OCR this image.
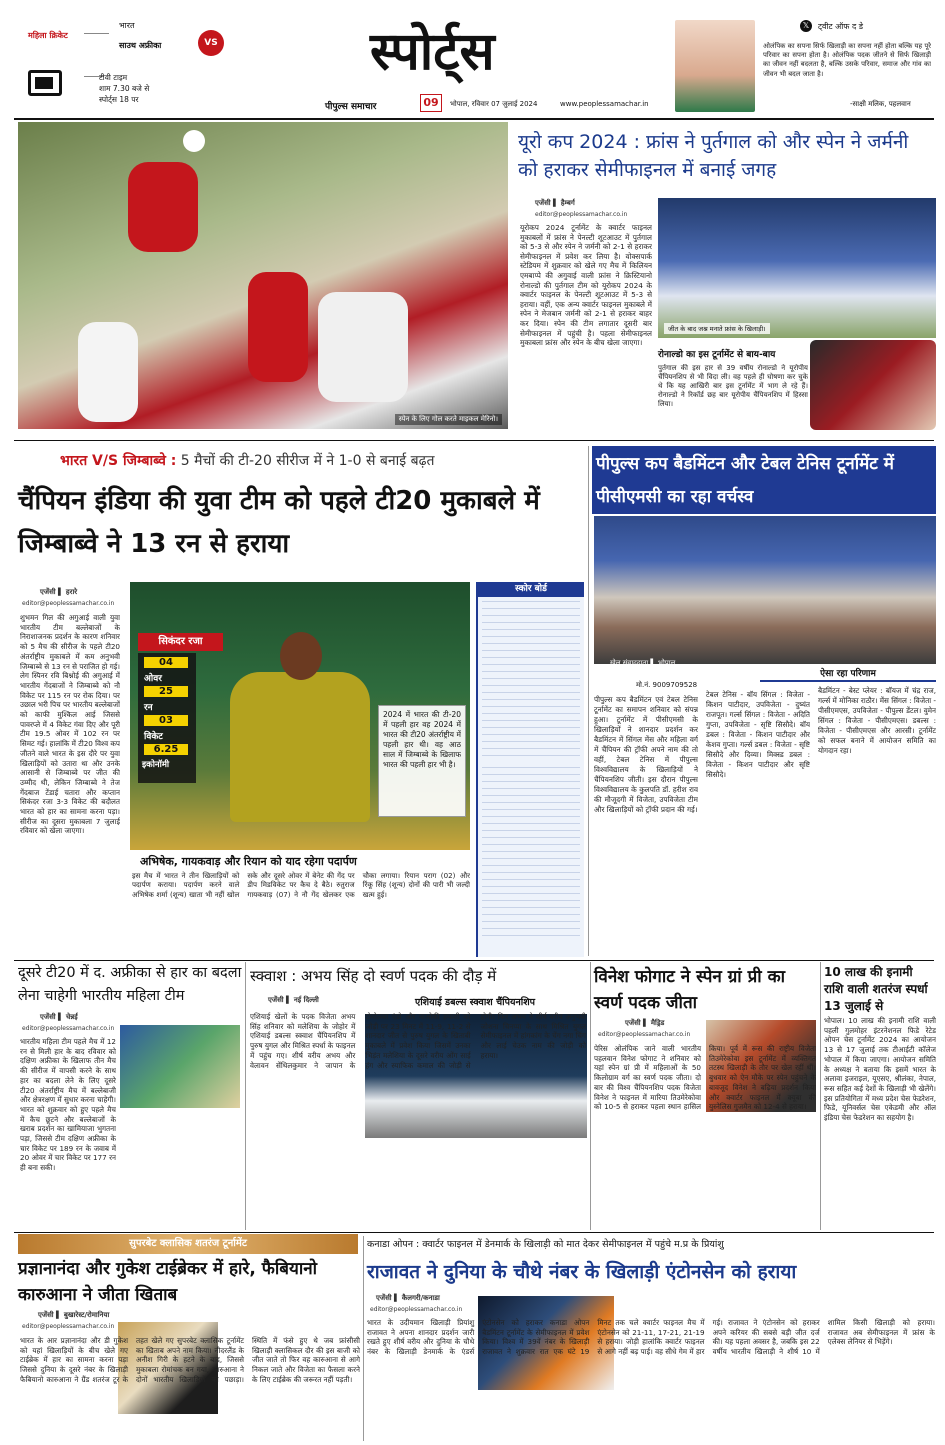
महिला क्रिकेट
भारत
साउथ अफ्रीका	VS
टीवी टाइम
शाम 7.30 बजे से
स्पोर्ट्स 18 पर
स्पोर्ट्स
पीपुल्स समाचार	09	भोपाल, रविवार 07 जुलाई 2024	www.peoplessamachar.in
𝕏	ट्वीट ऑफ द डे
ओलंपिक का सपना सिर्फ खिलाड़ी का सपना नहीं होता बल्कि यह पूरे परिवार का सपना होता है। ओलंपिक पदक जीतने से सिर्फ खिलाड़ी का जीवन नहीं बदलता है, बल्कि उसके परिवार, समाज और गांव का जीवन भी बदल जाता है।
-साक्षी मलिक, पहलवान
स्पेन के लिए गोल करते माइकल मेरिनो।
यूरो कप 2024 : फ्रांस ने पुर्तगाल को और स्पेन ने जर्मनी को हराकर सेमीफाइनल में बनाई जगह
एजेंसी ▌ हैम्बर्ग
editor@peoplessamachar.co.in
यूरोकप 2024 टूर्नामेंट के क्वार्टर फाइनल मुकाबलों में फ्रांस ने पेनल्टी शूटआउट में पुर्तगाल को 5-3 से और स्पेन ने जर्मनी को 2-1 से हराकर सेमीफाइनल में प्रवेश कर लिया है। वोक्सपार्क स्टेडियम में शुक्रवार को खेले गए मैच में किलियन एमबाप्पे की अगुवाई वाली फ्रांस ने क्रिस्टियानो रोनाल्डो की पुर्तगाल टीम को यूरोकप 2024 के क्वार्टर फाइनल के पेनल्टी शूटआउट में 5-3 से हराया। वहीं, एक अन्य क्वार्टर फाइनल मुकाबले में स्पेन ने मेजबान जर्मनी को 2-1 से हराकर बाहर कर दिया। स्पेन की टीम लगातार दूसरी बार सेमीफाइनल में पहुंची है। पहला सेमीफाइनल मुकाबला फ्रांस और स्पेन के बीच खेला जाएगा।
जीत के बाद जश्न मनाते फ्रांस के खिलाड़ी।
रोनाल्डो का इस टूर्नामेंट से बाय-बाय
पुर्तगाल की इस हार से 39 वर्षीय रोनाल्डो ने यूरोपीय चैंपियनशिप से भी विदा ली। वह पहले ही घोषणा कर चुके थे कि यह आखिरी बार इस टूर्नामेंट में भाग ले रहे हैं। रोनाल्डो ने रिकॉर्ड छह बार यूरोपीय चैंपियनशिप में हिस्सा लिया।
भारत V/S जिम्बाब्वे : 5 मैचों की टी-20 सीरीज में ने 1-0 से बनाई बढ़त
चैंपियन इंडिया की युवा टीम को पहले टी20 मुकाबले में जिम्बाब्वे ने 13 रन से हराया
एजेंसी ▌ हरारे
editor@peoplessamachar.co.in
शुभमन गिल की अगुआई वाली युवा भारतीय टीम बल्लेबाजों के निराशाजनक प्रदर्शन के कारण शनिवार को 5 मैच की सीरीज के पहले टी20 अंतर्राष्ट्रीय मुकाबले में कम अनुभवी जिम्बाब्वे से 13 रन से पराजित हो गई। लेग स्पिनर रवि बिश्नोई की अगुआई में भारतीय गेंदबाजों ने जिम्बाब्वे को नौ विकेट पर 115 रन पर रोक दिया। पर उछाल भरी पिच पर भारतीय बल्लेबाजों को काफी मुश्किल आई जिससे पावरप्ले में 4 विकेट गंवा दिए और पूरी टीम 19.5 ओवर में 102 रन पर सिमट गई। हालांकि में टी20 विश्व कप जीतने वाले भारत के इस दौरे पर युवा खिलाड़ियों को उतारा था और उनके आसानी से जिम्बाब्वे पर जीत की उम्मीद थी, लेकिन जिम्बाब्वे ने तेज गेंदबाज टेंडाई चतारा और कप्तान सिकंदर रजा 3-3 विकेट की बदौलत भारत को हार का सामना करना पड़ा। सीरीज का दूसरा मुकाबला 7 जुलाई रविवार को खेला जाएगा।
सिकंदर रजा
04
ओवर
25
रन
03
विकेट
6.25
इकोनॉमी
2024 में भारत की टी-20 में पहली हार वह 2024 में भारत की टी20 अंतर्राष्ट्रीय में पहली हार थी। वह आठ साल में जिम्बाब्वे के खिलाफ भारत की पहली हार भी है।
अभिषेक, गायकवाड़ और रियान को याद रहेगा पदार्पण
इस मैच में भारत ने तीन खिलाड़ियों को पदार्पण कराया। पदार्पण करने वाले अभिषेक शर्मा (शून्य) खाता भी नहीं खोल सके और दूसरे ओवर में बेनेट की गेंद पर डीप मिडविकेट पर कैच दे बैठे। रुतुराज गायकवाड़ (07) ने नौ गेंद खेलकर एक चौका लगाया। रियान पराग (02) और रिंकू सिंह (शून्य) दोनों की पारी भी जल्दी खत्म हुई।
स्कोर बोर्ड
पीपुल्स कप बैडमिंटन और टेबल टेनिस टूर्नामेंट में पीसीएमसी का रहा वर्चस्व
खेल संवाददाता ▌ भोपाल
मो.नं. 9009709528
ऐसा रहा परिणाम
पीपुल्स कप बैडमिंटन एवं टेबल टेनिस टूर्नामेंट का समापन शनिवार को संपन्न हुआ। टूर्नामेंट में पीसीएमसी के खिलाड़ियों ने शानदार प्रदर्शन कर बैडमिंटन में सिंगल मेंस और महिला वर्ग में चैंपियन की ट्रॉफी अपने नाम की तो वहीं, टेबल टेनिस में पीपुल्स विश्वविद्यालय के खिलाड़ियों ने चैंपियनशिप जीती। इस दौरान पीपुल्स विश्वविद्यालय के कुलपति डॉ. हरीश राव की मौजूदगी में विजेता, उपविजेता टीम और खिलाड़ियों को ट्रॉफी प्रदान की गई।
टेबल टेनिस - बॉय सिंगल : विजेता - किशन पाटीदार, उपविजेता - दुष्यंत राजपूत। गर्ल्स सिंगल : विजेता - अदिति गुप्ता, उपविजेता - सृष्टि सिसौदे। बॉय डबल : विजेता - किशन पाटीदार और केशव गुप्ता। गर्ल्स डबल : विजेता - सृष्टि सिसौदे और दिव्या। मिक्स्ड डबल : विजेता - किशन पाटीदार और सृष्टि सिसौदे।
बैडमिंटन - बेस्ट प्लेयर : बॉयज में चंद्र राज, गर्ल्स में मोनिका राठौर। मेंस सिंगल : विजेता - पीसीएमएस, उपविजेता - पीपुल्स डेंटल। वुमेन सिंगल : विजेता - पीसीएमएस। डबल्स : विजेता - पीसीएमएस और आरसी। टूर्नामेंट को सफल बनाने में आयोजन समिति का योगदान रहा।
दूसरे टी20 में द. अफ्रीका से हार का बदला लेना चाहेगी भारतीय महिला टीम
एजेंसी ▌ चेन्नई
editor@peoplessamachar.co.in
भारतीय महिला टीम पहले मैच में 12 रन से मिली हार के बाद रविवार को दक्षिण अफ्रीका के खिलाफ तीन मैच की सीरीज में वापसी करने के साथ हार का बदला लेने के लिए दूसरे टी20 अंतर्राष्ट्रीय मैच में बल्लेबाजी और क्षेत्ररक्षण में सुधार करना चाहेगी। भारत को शुक्रवार को हुए पहले मैच में कैच छूटने और बल्लेबाजों के खराब प्रदर्शन का खामियाजा भुगतना पड़ा, जिससे टीम दक्षिण अफ्रीका के चार विकेट पर 189 रन के जवाब में 20 ओवर में चार विकेट पर 177 रन ही बना सकी।
स्क्वाश : अभय सिंह दो स्वर्ण पदक की दौड़ में
एजेंसी ▌ नई दिल्ली	एशियाई डबल्स स्क्वाश चैंपियनशिप
एशियाई खेलों के पदक विजेता अभय सिंह शनिवार को मलेशिया के जोहोर में एशियाई डबल्स स्क्वाश चैंपियनशिप में पुरुष युगल और मिश्रित स्पर्धा के फाइनल में पहुंच गए। शीर्ष वरीय अभय और वेलावन सेंथिलकुमार ने जापान के टोमोतका एंडो और नाओकी हयाशी को जोड़ी पर 23 मिनट में 11-9, 11-2 से शानदार जीत से पुरुष युगल के खिताबी मुकाबले में प्रवेश किया जिसमें उनका भिड़ंत मलेशिया के दूसरे वरीय ओंग साई हंग और स्याफिक कमाल की जोड़ी से होगी। फिर अभय ने शीर्ष वरीय अनुभवी जोशना चिनप्पा के साथ मिश्रित युगल सेमीफाइनल में हांगकांग के चेंग नगा चिंग और लाई चेउक नाम की जोड़ी को हराया।
विनेश फोगाट ने स्पेन ग्रां प्री का स्वर्ण पदक जीता
एजेंसी ▌ मैड्रिड
editor@peoplessamachar.co.in
पेरिस ओलंपिक जाने वाली भारतीय पहलवान विनेश फोगाट ने शनिवार को यहां स्पेन ग्रां प्री में महिलाओं के 50 किलोग्राम वर्ग का स्वर्ण पदक जीता। दो बार की विश्व चैंपियनशिप पदक विजेता विनेश ने फाइनल में मारिया तिउमेरेकोवा को 10-5 से हराकर पहला स्थान हासिल किया। पूर्व में रूस की राष्ट्रीय विजेता तिउमेरेकोवा इस टूर्नामेंट में व्यक्तिगत तटस्थ खिलाड़ी के तौर पर खेल रहीं थीं। बुधवार को ऐन मौके पर स्पेन पहुंचने के बावजूद विनेश ने बढ़िया प्रदर्शन किया और क्वार्टर फाइनल में क्यूबा की युस्नेलिस गुजमैन को 12-4 से हराया।
10 लाख की इनामी राशि वाली शतरंज स्पर्धा 13 जुलाई से
भोपाल। 10 लाख की इनामी राशि वाली पहली गुलमोहर इंटरनेशनल फिडे रेटेड ओपन चेस टूर्नामेंट 2024 का आयोजन 13 से 17 जुलाई तक टीआईटी कॉलेज भोपाल में किया जाएगा। आयोजन समिति के अध्यक्ष ने बताया कि इसमें भारत के अलावा इजराइल, यूएसए, श्रीलंका, नेपाल, रूस सहित कई देशों के खिलाड़ी भी खेलेंगे। इस प्रतियोगिता में मध्य प्रदेश चेस फेडरेशन, फिडे, यूनिवर्सल चेस एकेडमी और ऑल इंडिया चेस फेडरेशन का सहयोग है।
सुपरबेट क्लासिक शतरंज टूर्नामेंट
प्रज्ञानानंदा और गुकेश टाईब्रेकर में हारे, फैबियानो कारुआना ने जीता खिताब
एजेंसी ▌ बुखारेस्ट/रोमानिया
editor@peoplessamachar.co.in
भारत के आर प्रज्ञानानंदा और डी गुकेश को यहां खिलाड़ियों के बीच खेले गए टाईब्रेक में हार का सामना करना पड़ा जिससे दुनिया के दूसरे नंबर के खिलाड़ी फैबियानो कारुआना ने ग्रैंड शतरंज टूर के तहत खेले गए सुपरबेट क्लासिक टूर्नामेंट का खिताब अपने नाम किया। नीदरलैंड के अनीश गिरी के हटने के बाद, जिससे मुकाबला रोमांचक बन गया, कारुआना ने दोनों भारतीय खिलाड़ियों को पछाड़ा। स्थिति में फंसे हुए थे जब फ्रांसीसी खिलाड़ी क्लासिकल दौर की इस बाजी को जीत जाते तो फिर वह कारुआना से आगे निकल जाते और विजेता का फैसला करने के लिए टाईब्रेक की जरूरत नहीं पड़ती।
कनाडा ओपन : क्वार्टर फाइनल में डेनमार्क के खिलाड़ी को मात देकर सेमीफाइनल में पहुंचे म.प्र के प्रियांशु
राजावत ने दुनिया के चौथे नंबर के खिलाड़ी एंटोनसेन को हराया
एजेंसी ▌ कैलगरी/कनाडा
editor@peoplessamachar.co.in
भारत के उदीयमान खिलाड़ी प्रियांशु राजावत ने अपना शानदार प्रदर्शन जारी रखते हुए शीर्ष वरीय और दुनिया के चौथे नंबर के खिलाड़ी डेनमार्क के एंडर्स एंटोनसेन को हराकर कनाडा ओपन बैडमिंटन टूर्नामेंट के सेमीफाइनल में प्रवेश किया। विश्व में 39वें नंबर के खिलाड़ी राजावत ने शुक्रवार रात एक घंटे 19 मिनट तक चले क्वार्टर फाइनल मैच में एंटोनसेन को 21-11, 17-21, 21-19 से हराया। जोड़ी हालांकि क्वार्टर फाइनल से आगे नहीं बढ़ पाई। वह सीधे गेम में हार गई। राजावत ने एंटोनसेन को हराकर अपने करियर की सबसे बड़ी जीत दर्ज की। यह पहला अवसर है, जबकि इस 22 वर्षीय भारतीय खिलाड़ी ने शीर्ष 10 में शामिल किसी खिलाड़ी को हराया। राजावत अब सेमीफाइनल में फ्रांस के एलेक्स लेनियर से भिड़ेंगे।
